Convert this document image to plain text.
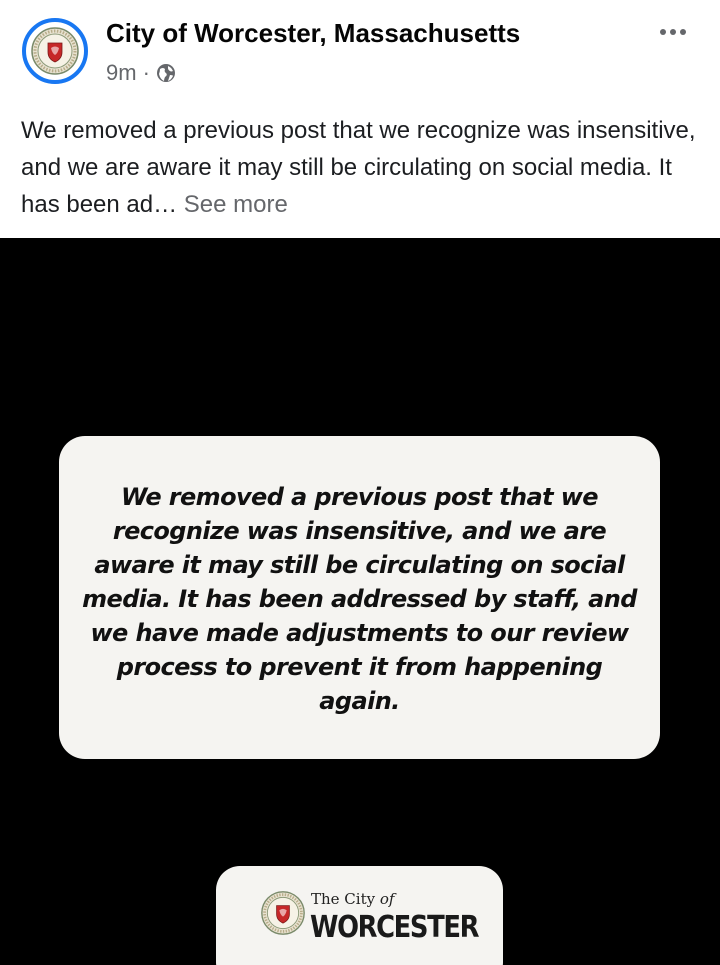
City of Worcester, Massachusetts
9m ·
We removed a previous post that we recognize was insensitive, and we are aware it may still be circulating on social media. It has been ad… See more
We removed a previous post that we recognize was insensitive, and we are aware it may still be circulating on social media. It has been addressed by staff, and we have made adjustments to our review process to prevent it from happening again.
The City of
WORCESTER
